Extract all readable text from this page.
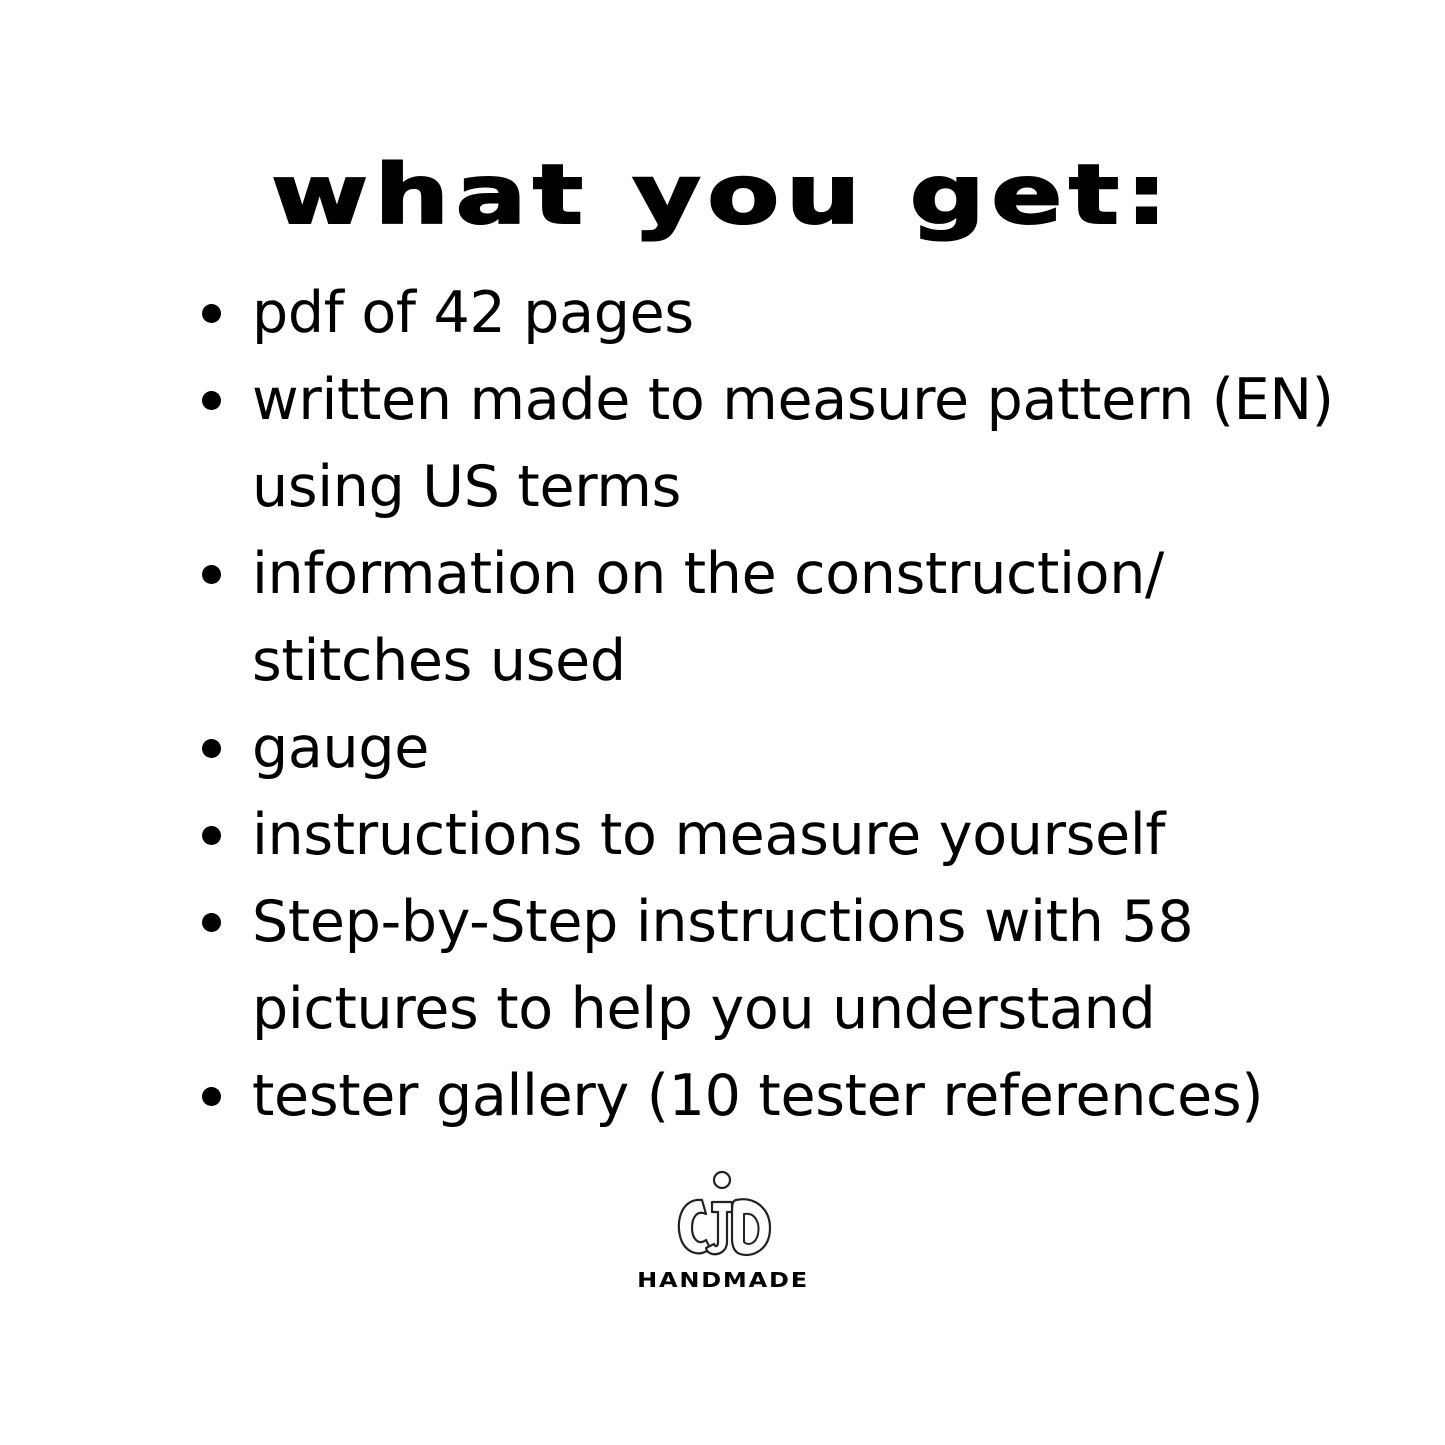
what you get:
pdf of 42 pages
written made to measure pattern (EN) using US terms
information on the construction/ stitches used
gauge
instructions to measure yourself
Step-by-Step instructions with 58 pictures to help you understand
tester gallery (10 tester references)
HANDMADE
